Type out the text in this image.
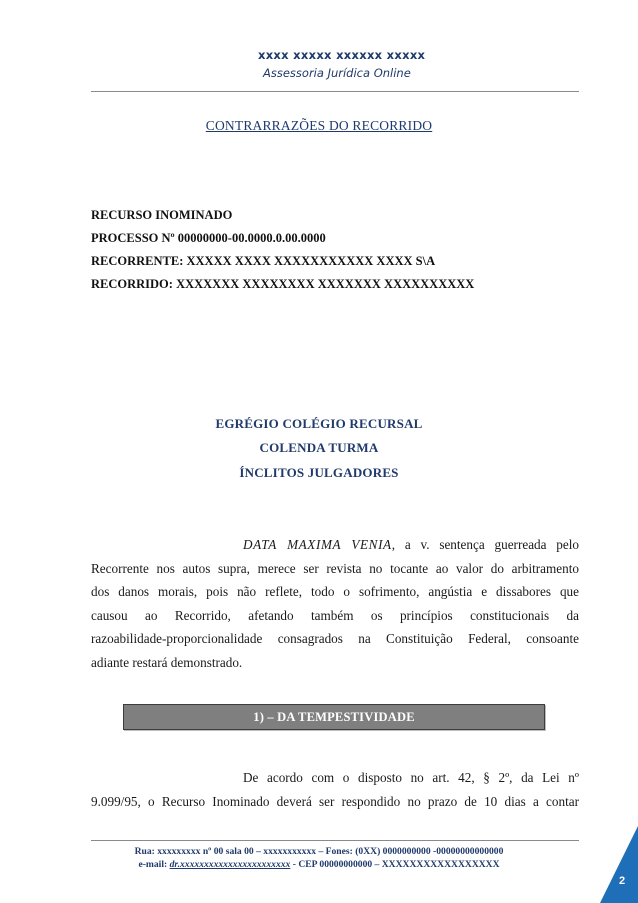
xxxx xxxxx xxxxxx xxxxx
Assessoria Jurídica Online
CONTRARRAZÕES DO RECORRIDO
RECURSO INOMINADO
PROCESSO Nº 00000000-00.0000.0.00.0000
RECORRENTE: XXXXX XXXX XXXXXXXXXXX XXXX S\A
RECORRIDO: XXXXXXX XXXXXXXX XXXXXXX XXXXXXXXXX
EGRÉGIO COLÉGIO RECURSAL
COLENDA TURMA
ÍNCLITOS JULGADORES
DATA MAXIMA VENIA, a v. sentença guerreada pelo
Recorrente nos autos supra, merece ser revista no tocante ao valor do arbitramento
dos danos morais, pois não reflete, todo o sofrimento, angústia e dissabores que
causou ao Recorrido, afetando também os princípios constitucionais da
razoabilidade-proporcionalidade consagrados na Constituição Federal, consoante
adiante restará demonstrado.
1) – DA TEMPESTIVIDADE
De acordo com o disposto no art. 42, § 2º, da Lei nº
9.099/95, o Recurso Inominado deverá ser respondido no prazo de 10 dias a contar
Rua: xxxxxxxxx nº 00 sala 00 – xxxxxxxxxxx – Fones: (0XX) 0000000000 -00000000000000
e-mail: dr.xxxxxxxxxxxxxxxxxxxxxxx - CEP 00000000000 – XXXXXXXXXXXXXXXXX
2
